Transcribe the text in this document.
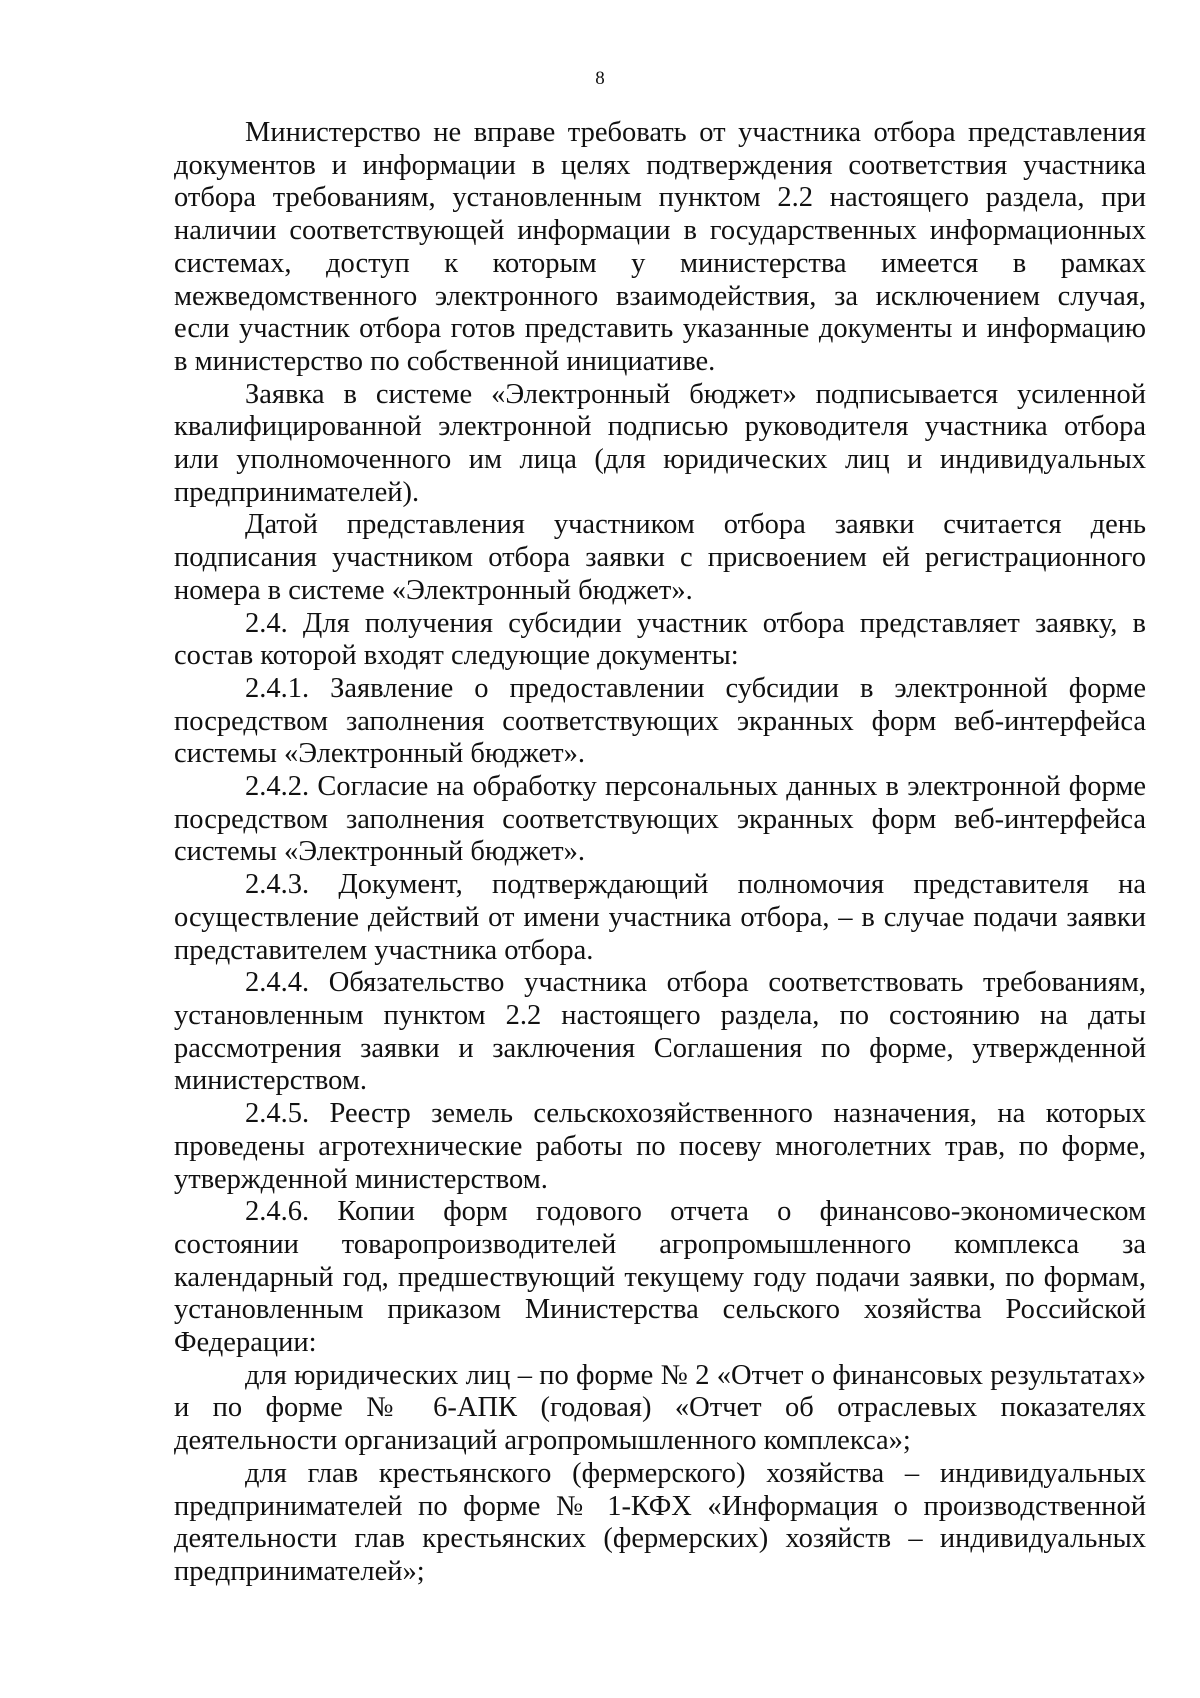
8

Министерство не вправе требовать от участника отбора представления документов и информации в целях подтверждения соответствия участника отбора требованиям, установленным пунктом 2.2 настоящего раздела, при наличии соответствующей информации в государственных информационных системах, доступ к которым у министерства имеется в рамках межведомственного электронного взаимодействия, за исключением случая, если участник отбора готов представить указанные документы и информацию в министерство по собственной инициативе.

Заявка в системе «Электронный бюджет» подписывается усиленной квалифицированной электронной подписью руководителя участника отбора или уполномоченного им лица (для юридических лиц и индивидуальных предпринимателей).

Датой представления участником отбора заявки считается день подписания участником отбора заявки с присвоением ей регистрационного номера в системе «Электронный бюджет».

2.4. Для получения субсидии участник отбора представляет заявку, в состав которой входят следующие документы:

2.4.1. Заявление о предоставлении субсидии в электронной форме посредством заполнения соответствующих экранных форм веб-интерфейса системы «Электронный бюджет».

2.4.2. Согласие на обработку персональных данных в электронной форме посредством заполнения соответствующих экранных форм веб-интерфейса системы «Электронный бюджет».

2.4.3. Документ, подтверждающий полномочия представителя на осуществление действий от имени участника отбора, – в случае подачи заявки представителем участника отбора.

2.4.4. Обязательство участника отбора соответствовать требованиям, установленным пунктом 2.2 настоящего раздела, по состоянию на даты рассмотрения заявки и заключения Соглашения по форме, утвержденной министерством.

2.4.5. Реестр земель сельскохозяйственного назначения, на которых проведены агротехнические работы по посеву многолетних трав, по форме, утвержденной министерством.

2.4.6. Копии форм годового отчета о финансово-экономическом состоянии товаропроизводителей агропромышленного комплекса за календарный год, предшествующий текущему году подачи заявки, по формам, установленным приказом Министерства сельского хозяйства Российской Федерации:

для юридических лиц – по форме № 2 «Отчет о финансовых результатах» и по форме № 6-АПК (годовая) «Отчет об отраслевых показателях деятельности организаций агропромышленного комплекса»;

для глав крестьянского (фермерского) хозяйства – индивидуальных предпринимателей по форме № 1-КФХ «Информация о производственной деятельности глав крестьянских (фермерских) хозяйств – индивидуальных предпринимателей»;
